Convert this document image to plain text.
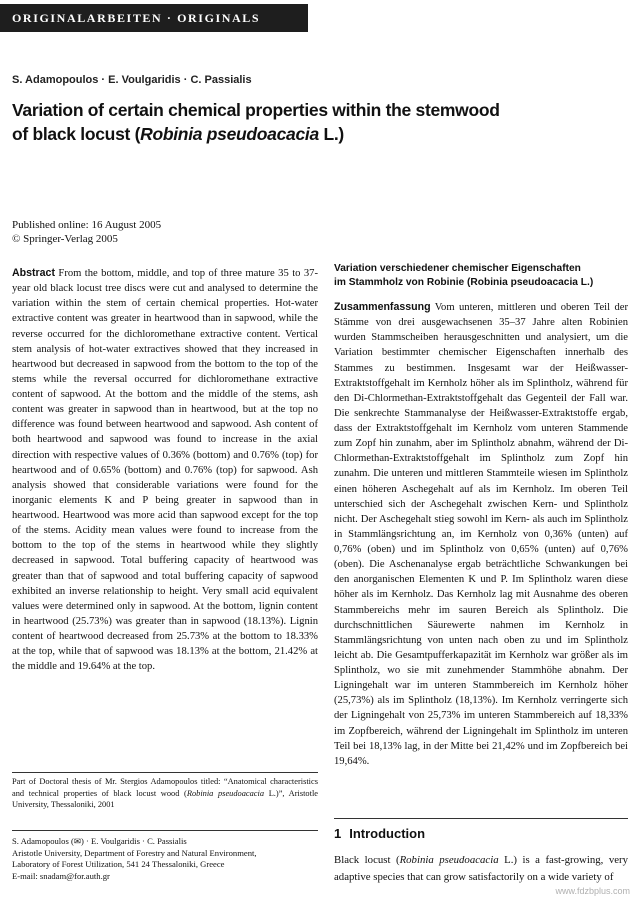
ORIGINALARBEITEN · ORIGINALS
S. Adamopoulos · E. Voulgaridis · C. Passialis
Variation of certain chemical properties within the stemwood of black locust (Robinia pseudoacacia L.)
Published online: 16 August 2005
© Springer-Verlag 2005
Abstract From the bottom, middle, and top of three mature 35 to 37-year old black locust tree discs were cut and analysed to determine the variation within the stem of certain chemical properties. Hot-water extractive content was greater in heartwood than in sapwood, while the reverse occurred for the dichloromethane extractive content. Vertical stem analysis of hot-water extractives showed that they increased in heartwood but decreased in sapwood from the bottom to the top of the stems while the reversal occurred for dichloromethane extractive content of sapwood. At the bottom and the middle of the stems, ash content was greater in sapwood than in heartwood, but at the top no difference was found between heartwood and sapwood. Ash content of both heartwood and sapwood was found to increase in the axial direction with respective values of 0.36% (bottom) and 0.76% (top) for heartwood and of 0.65% (bottom) and 0.76% (top) for sapwood. Ash analysis showed that considerable variations were found for the inorganic elements K and P being greater in sapwood than in heartwood. Heartwood was more acid than sapwood except for the top of the stems. Acidity mean values were found to increase from the bottom to the top of the stems in heartwood while they slightly decreased in sapwood. Total buffering capacity of heartwood was greater than that of sapwood and total buffering capacity of sapwood exhibited an inverse relationship to height. Very small acid equivalent values were determined only in sapwood. At the bottom, lignin content in heartwood (25.73%) was greater than in sapwood (18.13%). Lignin content of heartwood decreased from 25.73% at the bottom to 18.33% at the top, while that of sapwood was 18.13% at the bottom, 21.42% at the middle and 19.64% at the top.
Part of Doctoral thesis of Mr. Stergios Adamopoulos titled: “Anatomical characteristics and technical properties of black locust wood (Robinia pseudoacacia L.)”, Aristotle University, Thessaloniki, 2001
S. Adamopoulos (✉) · E. Voulgaridis · C. Passialis
Aristotle University, Department of Forestry and Natural Environment,
Laboratory of Forest Utilization, 541 24 Thessaloniki, Greece
E-mail: snadam@for.auth.gr
Variation verschiedener chemischer Eigenschaften
im Stammholz von Robinie (Robinia pseudoacacia L.)
Zusammenfassung Vom unteren, mittleren und oberen Teil der Stämme von drei ausgewachsenen 35–37 Jahre alten Robinien wurden Stammscheiben herausgeschnitten und analysiert, um die Variation bestimmter chemischer Eigenschaften innerhalb des Stammes zu bestimmen. Insgesamt war der Heißwasser-Extraktstoffgehalt im Kernholz höher als im Splintholz, während für den Di-Chlormethan-Extraktstoffgehalt das Gegenteil der Fall war. Die senkrechte Stammanalyse der Heißwasser-Extraktstoffe ergab, dass der Extraktstoffgehalt im Kernholz vom unteren Stammende zum Zopf hin zunahm, aber im Splintholz abnahm, während der Di-Chlormethan-Extraktstoffgehalt im Splintholz zum Zopf hin zunahm. Die unteren und mittleren Stammteile wiesen im Splintholz einen höheren Aschegehalt auf als im Kernholz. Im oberen Teil unterschied sich der Aschegehalt zwischen Kern- und Splintholz nicht. Der Aschegehalt stieg sowohl im Kern- als auch im Splintholz in Stammlängsrichtung an, im Kernholz von 0,36% (unten) auf 0,76% (oben) und im Splintholz von 0,65% (unten) auf 0,76% (oben). Die Aschenanalyse ergab beträchtliche Schwankungen bei den anorganischen Elementen K und P. Im Splintholz waren diese höher als im Kernholz. Das Kernholz lag mit Ausnahme des oberen Stammbereichs mehr im sauren Bereich als Splintholz. Die durchschnittlichen Säurewerte nahmen im Kernholz in Stammlängsrichtung von unten nach oben zu und im Splintholz leicht ab. Die Gesamtpufferkapazität im Kernholz war größer als im Splintholz, wo sie mit zunehmender Stammhöhe abnahm. Der Ligningehalt war im unteren Stammbereich im Kernholz höher (25,73%) als im Splintholz (18,13%). Im Kernholz verringerte sich der Ligningehalt von 25,73% im unteren Stammbereich auf 18,33% im Zopfbereich, während der Ligningehalt im Splintholz im unteren Teil bei 18,13% lag, in der Mitte bei 21,42% und im Zopfbereich bei 19,64%.
1 Introduction
Black locust (Robinia pseudoacacia L.) is a fast-growing, very adaptive species that can grow satisfactorily on a wide variety of
www.fdzbplus.com
